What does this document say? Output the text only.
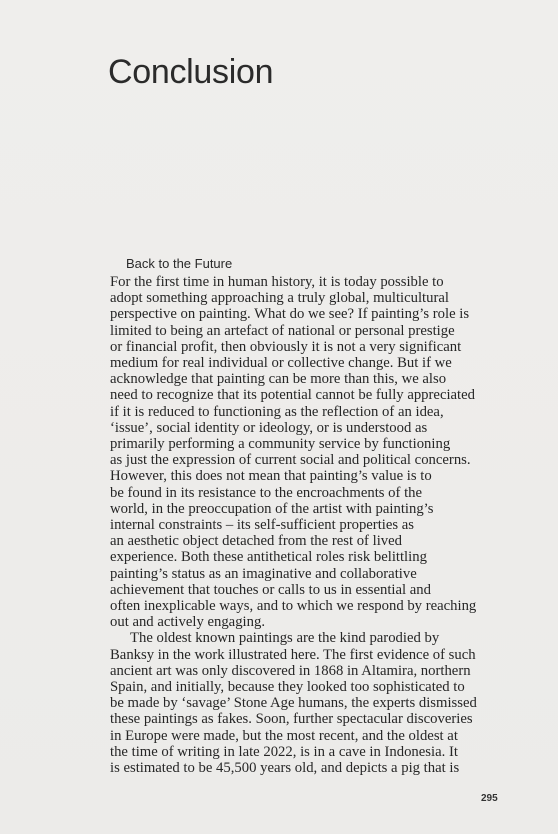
Conclusion
Back to the Future

For the first time in human history, it is today possible to
adopt something approaching a truly global, multicultural
perspective on painting. What do we see? If painting’s role is
limited to being an artefact of national or personal prestige
or financial profit, then obviously it is not a very significant
medium for real individual or collective change. But if we
acknowledge that painting can be more than this, we also
need to recognize that its potential cannot be fully appreciated
if it is reduced to functioning as the reflection of an idea,
‘issue’, social identity or ideology, or is understood as
primarily performing a community service by functioning
as just the expression of current social and political concerns.
However, this does not mean that painting’s value is to
be found in its resistance to the encroachments of the
world, in the preoccupation of the artist with painting’s
internal constraints – its self-sufficient properties as
an aesthetic object detached from the rest of lived
experience. Both these antithetical roles risk belittling
painting’s status as an imaginative and collaborative
achievement that touches or calls to us in essential and
often inexplicable ways, and to which we respond by reaching
out and actively engaging.

The oldest known paintings are the kind parodied by
Banksy in the work illustrated here. The first evidence of such
ancient art was only discovered in 1868 in Altamira, northern
Spain, and initially, because they looked too sophisticated to
be made by ‘savage’ Stone Age humans, the experts dismissed
these paintings as fakes. Soon, further spectacular discoveries
in Europe were made, but the most recent, and the oldest at
the time of writing in late 2022, is in a cave in Indonesia. It
is estimated to be 45,500 years old, and depicts a pig that is

295
